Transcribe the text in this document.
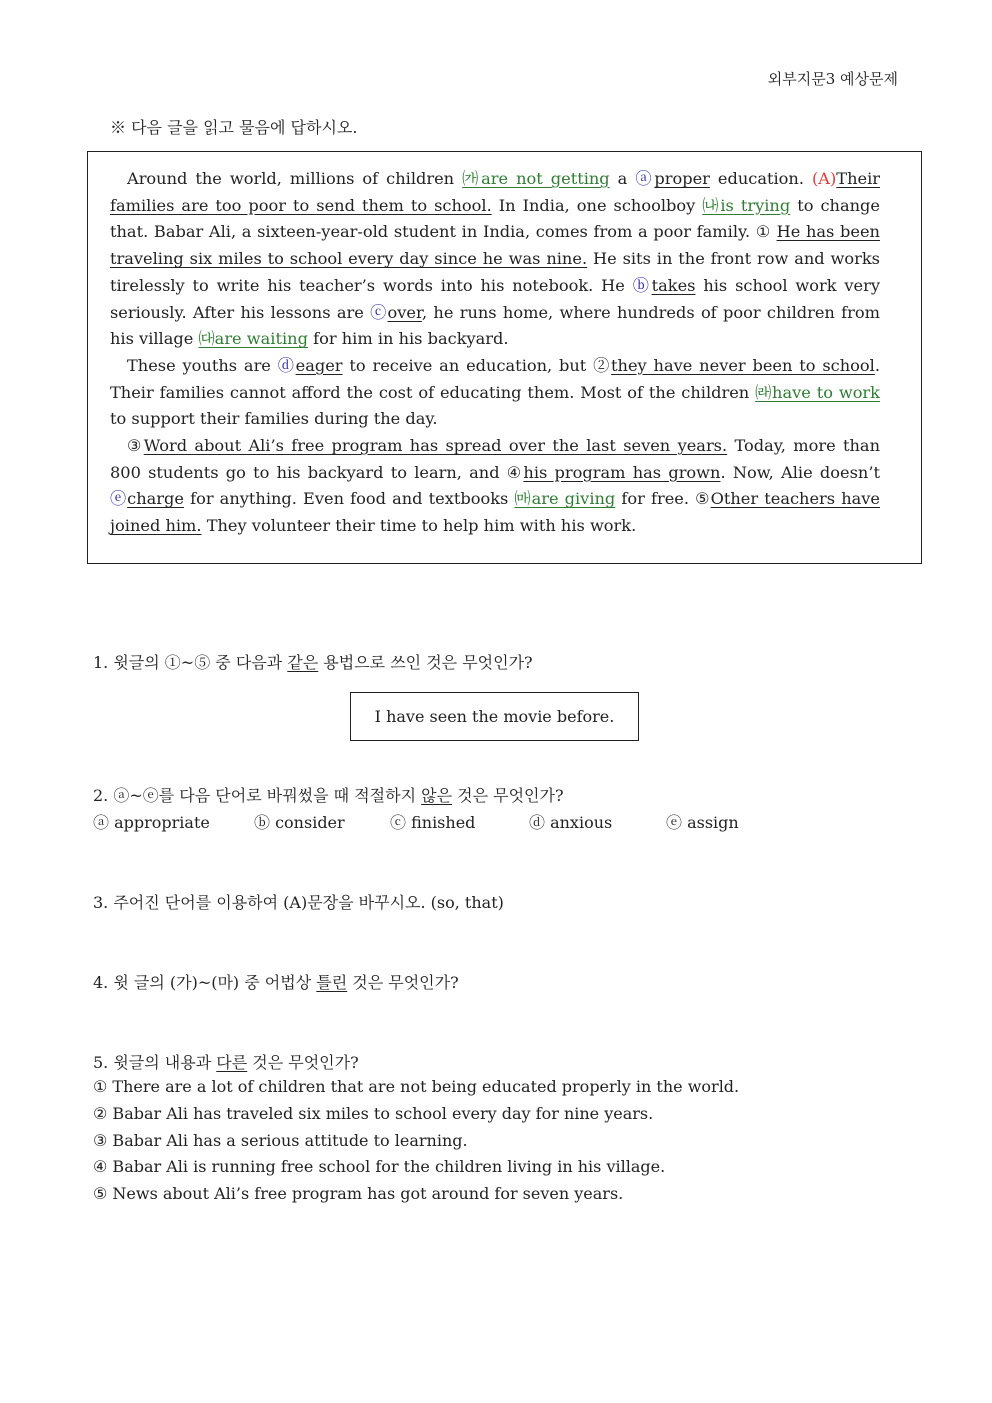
외부지문3 예상문제
※ 다음 글을 읽고 물음에 답하시오.

Around the world, millions of children ㈎are not getting a ⓐproper education. (A)Their families are too poor to send them to school. In India, one schoolboy ㈏is trying to change that. Babar Ali, a sixteen-year-old student in India, comes from a poor family. ① He has been traveling six miles to school every day since he was nine. He sits in the front row and works tirelessly to write his teacher’s words into his notebook. He ⓑtakes his school work very seriously. After his lessons are ⓒover, he runs home, where hundreds of poor children from his village ㈐are waiting for him in his backyard.

These youths are ⓓeager to receive an education, but ②they have never been to school. Their families cannot afford the cost of educating them. Most of the children ㈑have to work to support their families during the day.

③Word about Ali’s free program has spread over the last seven years. Today, more than 800 students go to his backyard to learn, and ④his program has grown. Now, Alie doesn’t ⓔcharge for anything. Even food and textbooks ㈒are giving for free. ⑤Other teachers have joined him. They volunteer their time to help him with his work.

1. 윗글의 ①~⑤ 중 다음과 같은 용법으로 쓰인 것은 무엇인가?
I have seen the movie before.
2. ⓐ~ⓔ를 다음 단어로 바꿔썼을 때 적절하지 않은 것은 무엇인가?
ⓐ appropriate	ⓑ consider	ⓒ finished	ⓓ anxious	ⓔ assign
3. 주어진 단어를 이용하여 (A)문장을 바꾸시오. (so, that)
4. 윗 글의 (가)~(마) 중 어법상 틀린 것은 무엇인가?
5. 윗글의 내용과 다른 것은 무엇인가?
① There are a lot of children that are not being educated properly in the world.
② Babar Ali has traveled six miles to school every day for nine years.
③ Babar Ali has a serious attitude to learning.
④ Babar Ali is running free school for the children living in his village.
⑤ News about Ali’s free program has got around for seven years.
